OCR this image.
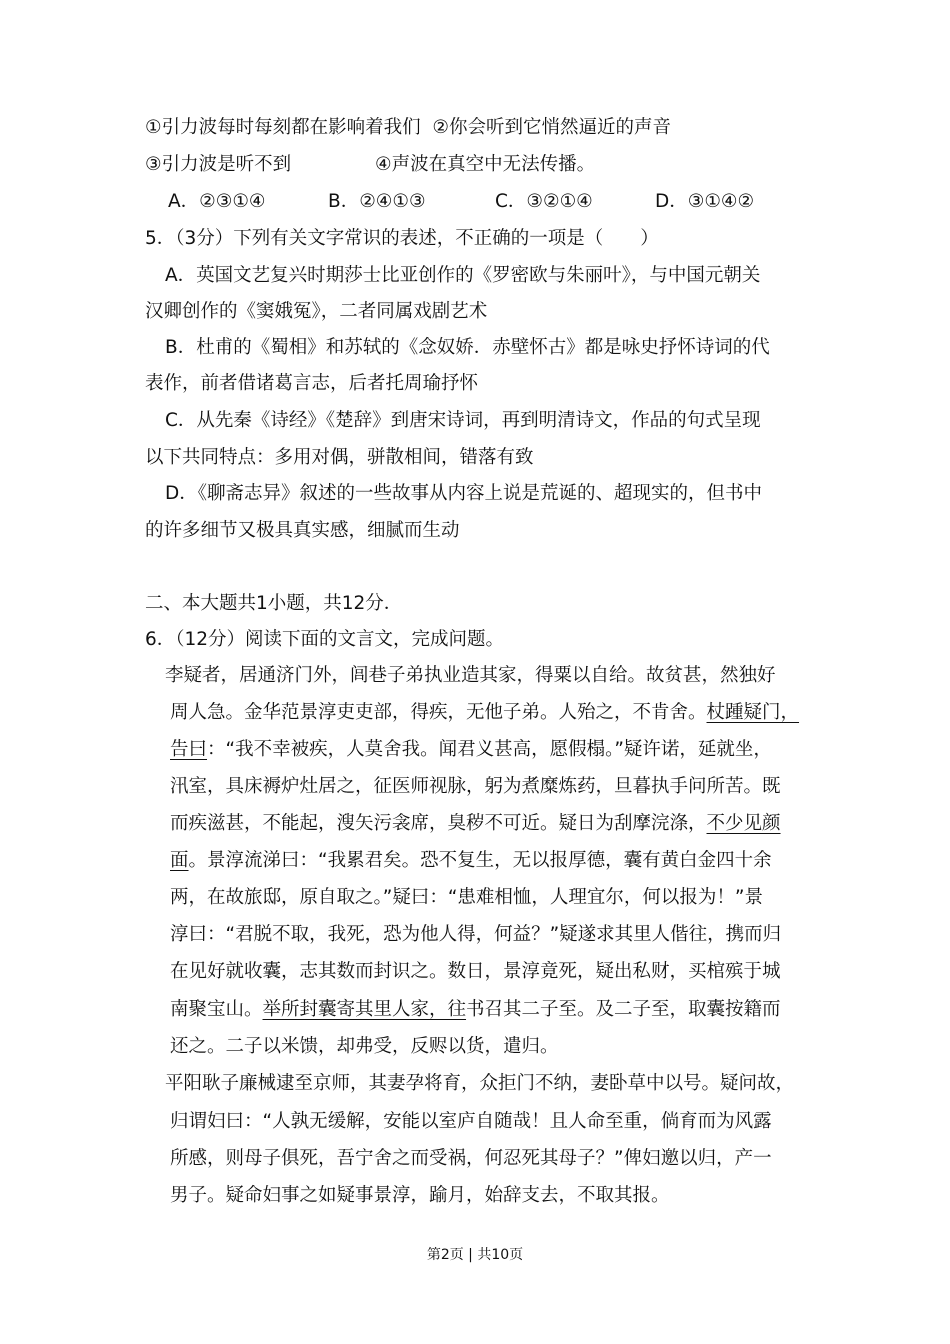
①引力波每时每刻都在影响着我们 ②你会听到它悄然逼近的声音
③引力波是听不到	④声波在真空中无法传播。
A．②③①④	B．②④①③	C．③②①④	D．③①④②
5．（3分）下列有关文字常识的表述，不正确的一项是（　　）
A．英国文艺复兴时期莎士比亚创作的《罗密欧与朱丽叶》，与中国元朝关
汉卿创作的《窦娥冤》，二者同属戏剧艺术
B．杜甫的《蜀相》和苏轼的《念奴娇．赤壁怀古》都是咏史抒怀诗词的代
表作，前者借诸葛言志，后者托周瑜抒怀
C．从先秦《诗经》《楚辞》到唐宋诗词，再到明清诗文，作品的句式呈现
以下共同特点：多用对偶，骈散相间，错落有致
D．《聊斋志异》叙述的一些故事从内容上说是荒诞的、超现实的，但书中
的许多细节又极具真实感，细腻而生动
二、本大题共1小题，共12分．
6．（12分）阅读下面的文言文，完成问题。
李疑者，居通济门外，闾巷子弟执业造其家，得粟以自给。故贫甚，然独好
周人急。金华范景淳吏吏部，得疾，无他子弟。人殆之，不肯舍。杖踵疑门，
告曰：“我不幸被疾，人莫舍我。闻君义甚高，愿假榻。”疑许诺，延就坐，
汛室，具床褥炉灶居之，征医师视脉，躬为煮糜炼药，旦暮执手问所苦。既
而疾滋甚，不能起，溲矢污衾席，臭秽不可近。疑日为刮摩浣涤，不少见颜
面。景淳流涕曰：“我累君矣。恐不复生，无以报厚德，囊有黄白金四十余
两，在故旅邸，原自取之。”疑曰：“患难相恤，人理宜尔，何以报为！”景
淳曰：“君脱不取，我死，恐为他人得，何益？”疑遂求其里人偕往，携而归
在见好就收囊，志其数而封识之。数日，景淳竟死，疑出私财，买棺殡于城
南聚宝山。举所封囊寄其里人家，往书召其二子至。及二子至，取囊按籍而
还之。二子以米馈，却弗受，反赆以货，遣归。
平阳耿子廉械逮至京师，其妻孕将育，众拒门不纳，妻卧草中以号。疑问故，
归谓妇曰：“人孰无缓解，安能以室庐自随哉！且人命至重，倘育而为风露
所感，则母子俱死，吾宁舍之而受祸，何忍死其母子？”俾妇邀以归，产一
男子。疑命妇事之如疑事景淳，踰月，始辞支去，不取其报。
第2页 | 共10页
